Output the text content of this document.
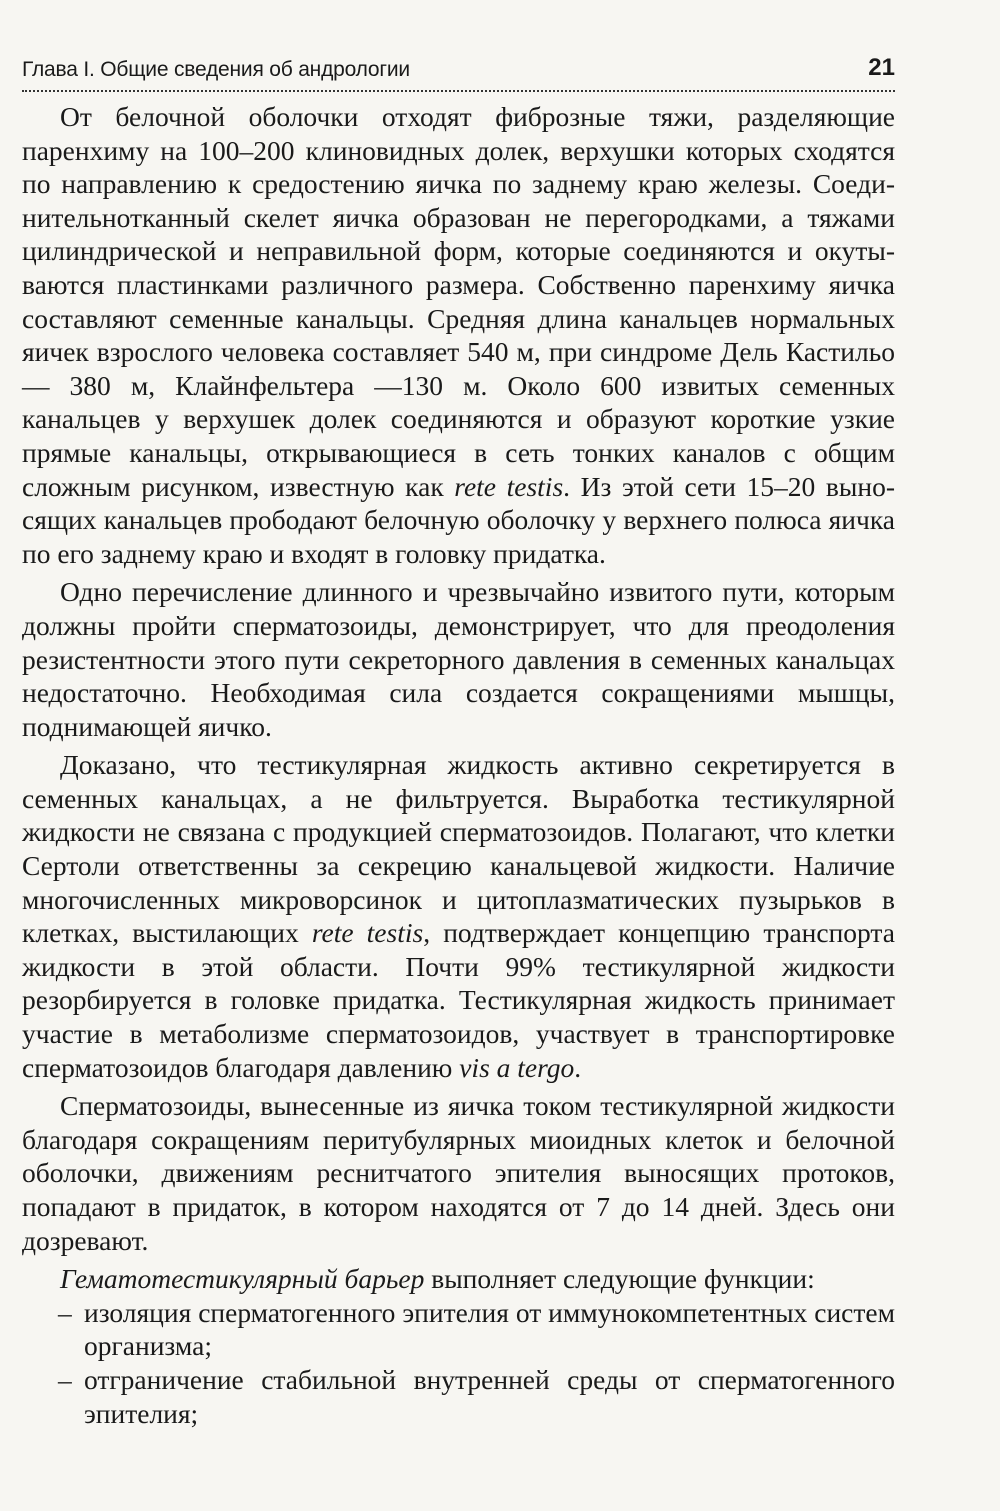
Глава I. Общие сведения об андрологии	21

От белочной оболочки отходят фиброзные тяжи, разделяющие паренхиму на 100–200 клиновидных долек, верхушки которых сходятся по направлению к средостению яичка по заднему краю железы. Соединительнотканный скелет яичка образован не перегородками, а тяжами цилиндрической и неправильной форм, которые соединяются и окутываются пластинками различного размера. Собственно паренхиму яичка составляют семенные канальцы. Средняя длина канальцев нормальных яичек взрослого человека составляет 540 м, при синдроме Дель Кастильо — 380 м, Клайнфельтера —130 м. Около 600 извитых семенных канальцев у верхушек долек соединяются и образуют короткие узкие прямые канальцы, открывающиеся в сеть тонких каналов с общим сложным рисунком, известную как rete testis. Из этой сети 15–20 выносящих канальцев прободают белочную оболочку у верхнего полюса яичка по его заднему краю и входят в головку придатка.

Одно перечисление длинного и чрезвычайно извитого пути, которым должны пройти сперматозоиды, демонстрирует, что для преодоления резистентности этого пути секреторного давления в семенных канальцах недостаточно. Необходимая сила создается сокращениями мышцы, поднимающей яичко.

Доказано, что тестикулярная жидкость активно секретируется в семенных канальцах, а не фильтруется. Выработка тестикулярной жидкости не связана с продукцией сперматозоидов. Полагают, что клетки Сертоли ответственны за секрецию канальцевой жидкости. Наличие многочисленных микроворсинок и цитоплазматических пузырьков в клетках, выстилающих rete testis, подтверждает концепцию транспорта жидкости в этой области. Почти 99% тестикулярной жидкости резорбируется в головке придатка. Тестикулярная жидкость принимает участие в метаболизме сперматозоидов, участвует в транспортировке сперматозоидов благодаря давлению vis a tergo.

Сперматозоиды, вынесенные из яичка током тестикулярной жидкости благодаря сокращениям перитубулярных миоидных клеток и белочной оболочки, движениям реснитчатого эпителия выносящих протоков, попадают в придаток, в котором находятся от 7 до 14 дней. Здесь они дозревают.

Гематотестикулярный барьер выполняет следующие функции:

– изоляция сперматогенного эпителия от иммунокомпетентных систем организма;
– отграничение стабильной внутренней среды от сперматогенного эпителия;
